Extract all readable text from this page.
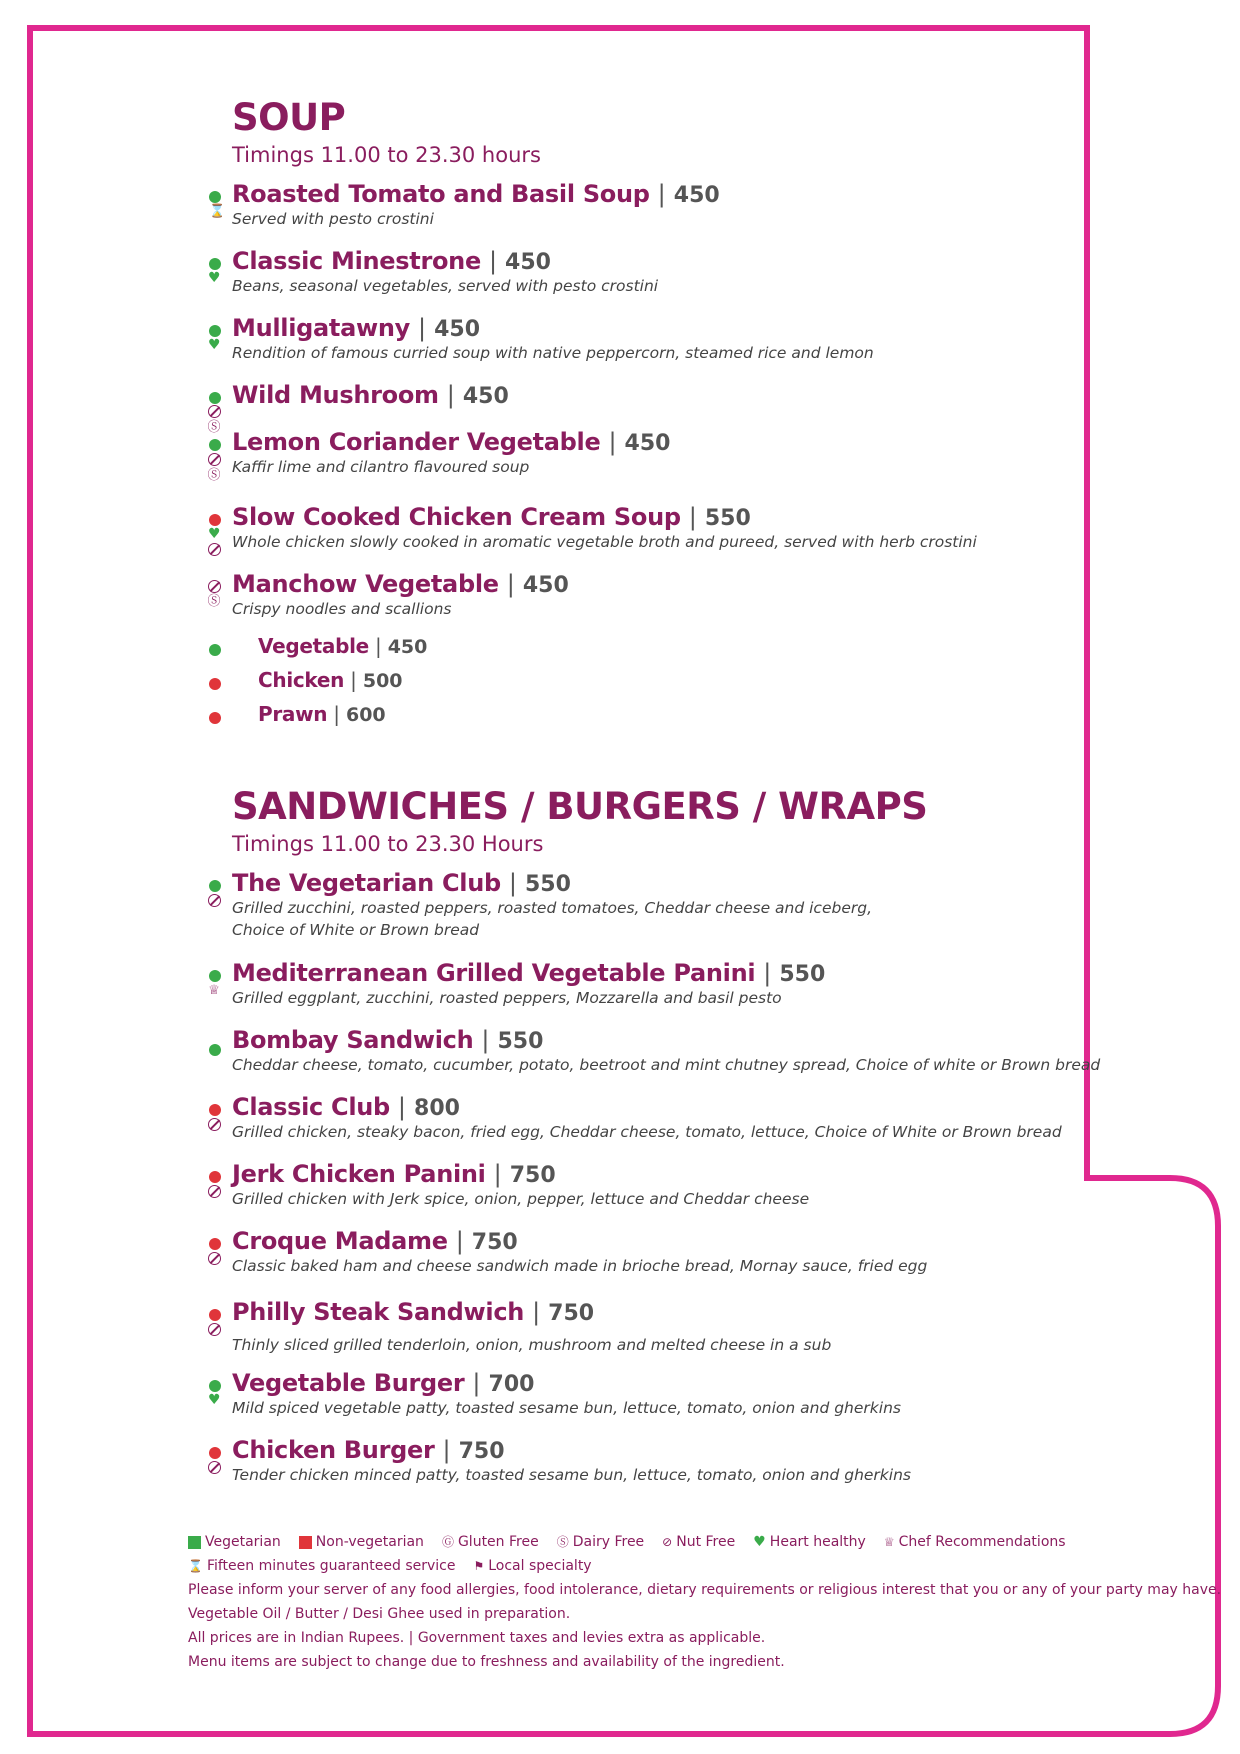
SOUP
Timings 11.00 to 23.30 hours
⌛
Roasted Tomato and Basil Soup | 450
Served with pesto crostini
♥
Classic Minestrone | 450
Beans, seasonal vegetables, served with pesto crostini
♥
Mulligatawny | 450
Rendition of famous curried soup with native peppercorn, steamed rice and lemon
Ⓢ
Wild Mushroom | 450
Ⓢ
Lemon Coriander Vegetable | 450
Kaffir lime and cilantro flavoured soup
♥
Slow Cooked Chicken Cream Soup | 550
Whole chicken slowly cooked in aromatic vegetable broth and pureed, served with herb crostini
Ⓢ
Manchow Vegetable | 450
Crispy noodles and scallions
Vegetable | 450
Chicken | 500
Prawn | 600
SANDWICHES / BURGERS / WRAPS
Timings 11.00 to 23.30 Hours
The Vegetarian Club | 550
Grilled zucchini, roasted peppers, roasted tomatoes, Cheddar cheese and iceberg,
Choice of White or Brown bread
♕
Mediterranean Grilled Vegetable Panini | 550
Grilled eggplant, zucchini, roasted peppers, Mozzarella and basil pesto
Bombay Sandwich | 550
Cheddar cheese, tomato, cucumber, potato, beetroot and mint chutney spread, Choice of white or Brown bread
Classic Club | 800
Grilled chicken, steaky bacon, fried egg, Cheddar cheese, tomato, lettuce, Choice of White or Brown bread
Jerk Chicken Panini | 750
Grilled chicken with Jerk spice, onion, pepper, lettuce and Cheddar cheese
Croque Madame | 750
Classic baked ham and cheese sandwich made in brioche bread, Mornay sauce, fried egg
Philly Steak Sandwich | 750
Thinly sliced grilled tenderloin, onion, mushroom and melted cheese in a sub
♥
Vegetable Burger | 700
Mild spiced vegetable patty, toasted sesame bun, lettuce, tomato, onion and gherkins
Chicken Burger | 750
Tender chicken minced patty, toasted sesame bun, lettuce, tomato, onion and gherkins
Vegetarian	Non-vegetarian Ⓖ Gluten Free Ⓢ Dairy Free ⊘ Nut Free ♥ Heart healthy ♕ Chef Recommendations
⌛ Fifteen minutes guaranteed service ⚑ Local specialty
Please inform your server of any food allergies, food intolerance, dietary requirements or religious interest that you or any of your party may have.
Vegetable Oil / Butter / Desi Ghee used in preparation.
All prices are in Indian Rupees. | Government taxes and levies extra as applicable.
Menu items are subject to change due to freshness and availability of the ingredient.
